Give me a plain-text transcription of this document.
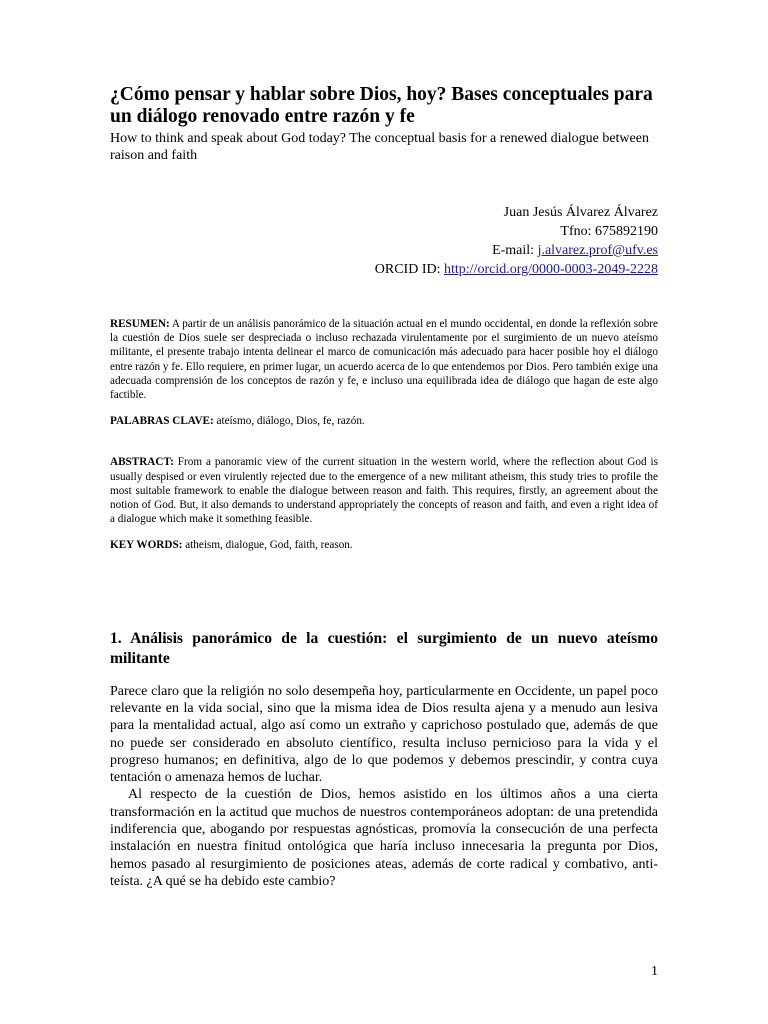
¿Cómo pensar y hablar sobre Dios, hoy? Bases conceptuales para un diálogo renovado entre razón y fe

How to think and speak about God today? The conceptual basis for a renewed dialogue between raison and faith

Juan Jesús Álvarez Álvarez
Tfno: 675892190
E-mail: j.alvarez.prof@ufv.es
ORCID ID: http://orcid.org/0000-0003-2049-2228

RESUMEN: A partir de un análisis panorámico de la situación actual en el mundo occidental, en donde la reflexión sobre la cuestión de Dios suele ser despreciada o incluso rechazada virulentamente por el surgimiento de un nuevo ateísmo militante, el presente trabajo intenta delinear el marco de comunicación más adecuado para hacer posible hoy el diálogo entre razón y fe. Ello requiere, en primer lugar, un acuerdo acerca de lo que entendemos por Dios. Pero también exige una adecuada comprensión de los conceptos de razón y fe, e incluso una equilibrada idea de diálogo que hagan de este algo factible.

PALABRAS CLAVE: ateísmo, diálogo, Dios, fe, razón.

ABSTRACT: From a panoramic view of the current situation in the western world, where the reflection about God is usually despised or even virulently rejected due to the emergence of a new militant atheism, this study tries to profile the most suitable framework to enable the dialogue between reason and faith. This requires, firstly, an agreement about the notion of God. But, it also demands to understand appropriately the concepts of reason and faith, and even a right idea of a dialogue which make it something feasible.

KEY WORDS: atheism, dialogue, God, faith, reason.

1. Análisis panorámico de la cuestión: el surgimiento de un nuevo ateísmo militante

Parece claro que la religión no solo desempeña hoy, particularmente en Occidente, un papel poco relevante en la vida social, sino que la misma idea de Dios resulta ajena y a menudo aun lesiva para la mentalidad actual, algo así como un extraño y caprichoso postulado que, además de que no puede ser considerado en absoluto científico, resulta incluso pernicioso para la vida y el progreso humanos; en definitiva, algo de lo que podemos y debemos prescindir, y contra cuya tentación o amenaza hemos de luchar.

Al respecto de la cuestión de Dios, hemos asistido en los últimos años a una cierta transformación en la actitud que muchos de nuestros contemporáneos adoptan: de una pretendida indiferencia que, abogando por respuestas agnósticas, promovía la consecución de una perfecta instalación en nuestra finitud ontológica que haría incluso innecesaria la pregunta por Dios, hemos pasado al resurgimiento de posiciones ateas, además de corte radical y combativo, anti-teísta. ¿A qué se ha debido este cambio?

1
